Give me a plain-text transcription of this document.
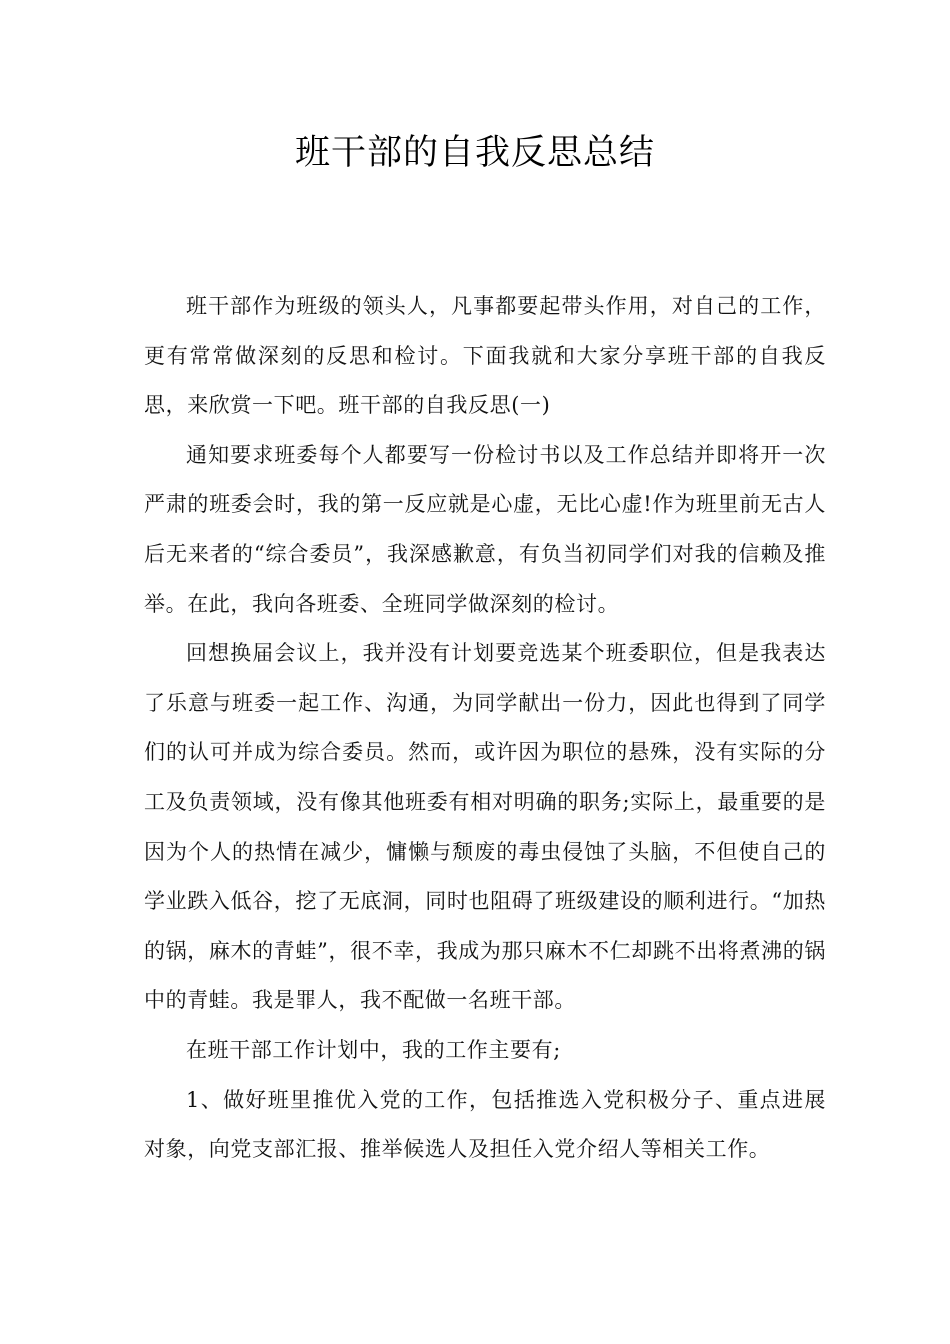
班干部的自我反思总结

班干部作为班级的领头人，凡事都要起带头作用，对自己的工作，更有常常做深刻的反思和检讨。下面我就和大家分享班干部的自我反思，来欣赏一下吧。班干部的自我反思(一)

通知要求班委每个人都要写一份检讨书以及工作总结并即将开一次严肃的班委会时，我的第一反应就是心虚，无比心虚!作为班里前无古人后无来者的“综合委员”，我深感歉意，有负当初同学们对我的信赖及推举。在此，我向各班委、全班同学做深刻的检讨。

回想换届会议上，我并没有计划要竞选某个班委职位，但是我表达了乐意与班委一起工作、沟通，为同学献出一份力，因此也得到了同学们的认可并成为综合委员。然而，或许因为职位的悬殊，没有实际的分工及负责领域，没有像其他班委有相对明确的职务;实际上，最重要的是因为个人的热情在减少，慵懒与颓废的毒虫侵蚀了头脑，不但使自己的学业跌入低谷，挖了无底洞，同时也阻碍了班级建设的顺利进行。“加热的锅，麻木的青蛙”，很不幸，我成为那只麻木不仁却跳不出将煮沸的锅中的青蛙。我是罪人，我不配做一名班干部。

在班干部工作计划中，我的工作主要有;

1、做好班里推优入党的工作，包括推选入党积极分子、重点进展对象，向党支部汇报、推举候选人及担任入党介绍人等相关工作。
